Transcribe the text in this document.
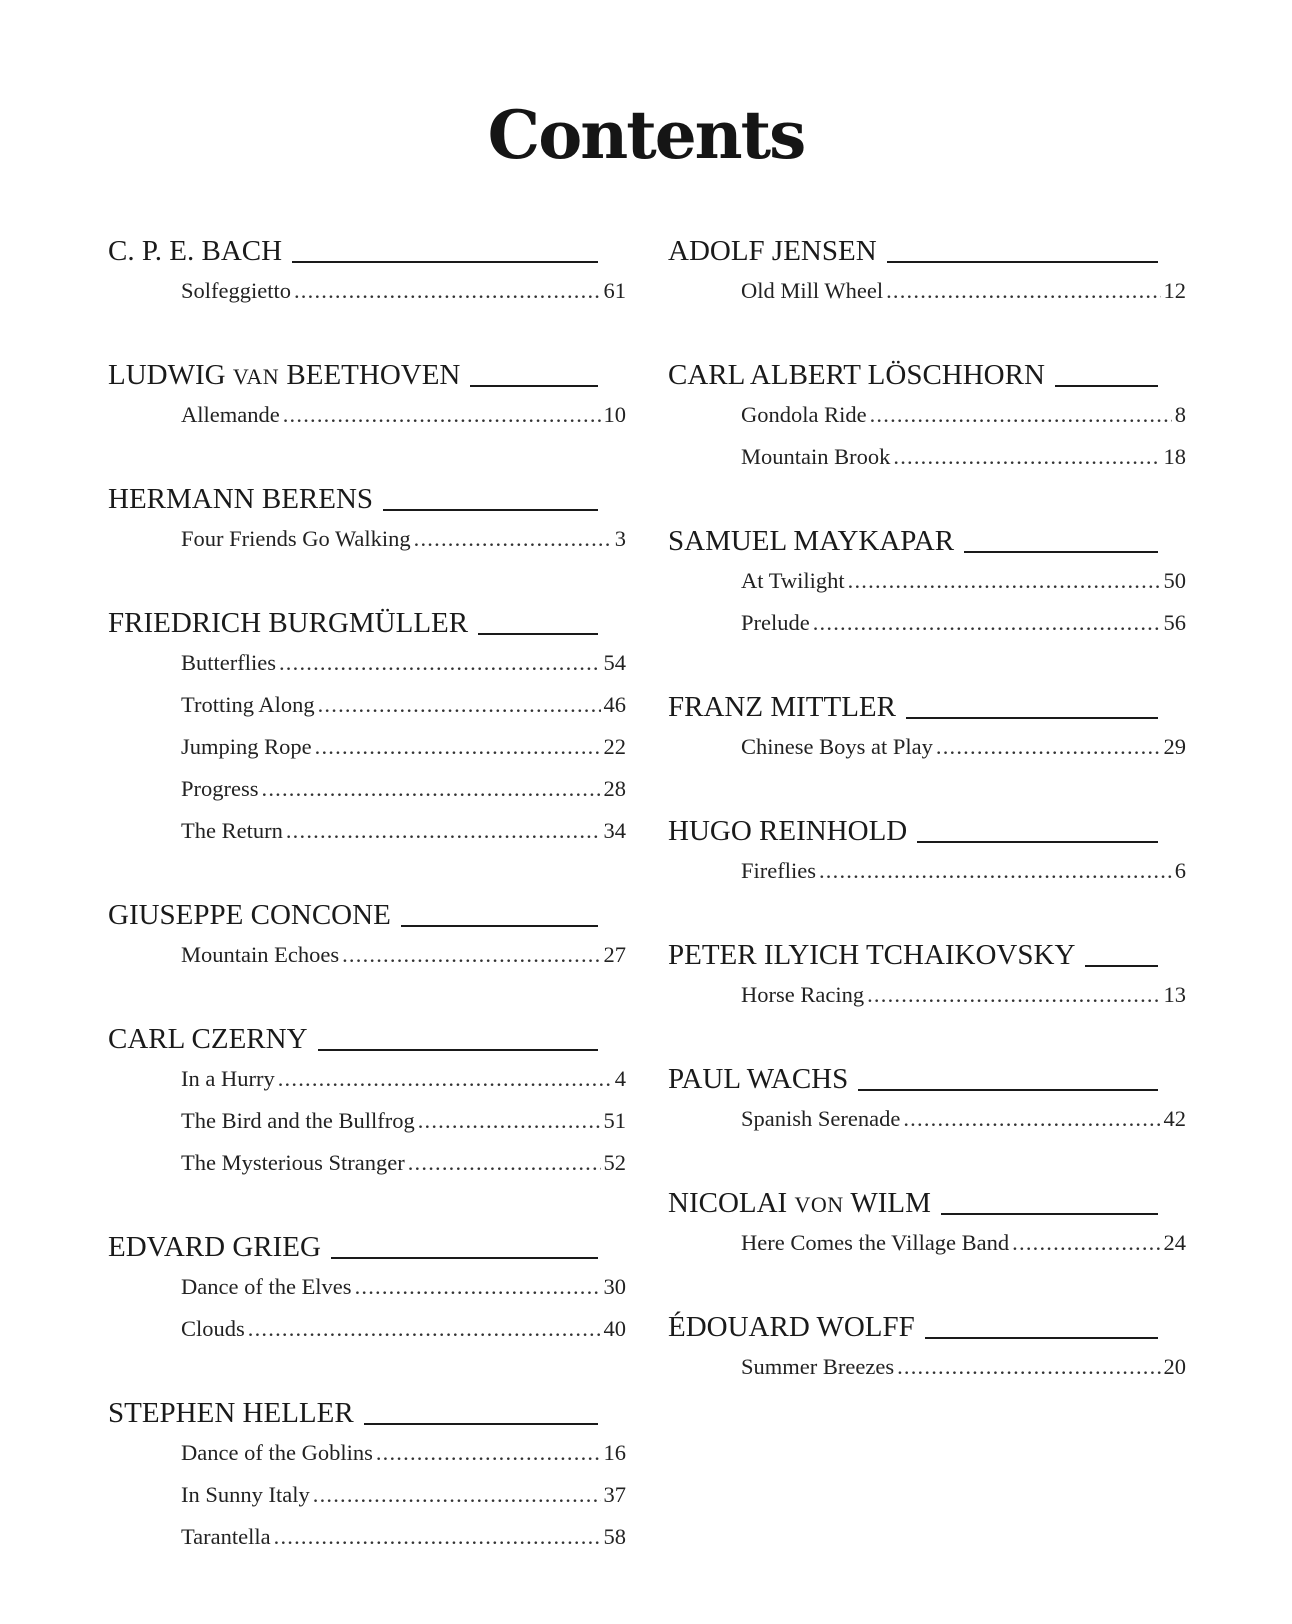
Contents
C. P. E. BACH
Solfeggietto .....	61
LUDWIG VAN BEETHOVEN
Allemande .....	10
HERMANN BERENS
Four Friends Go Walking .....	3
FRIEDRICH BURGMÜLLER
Butterflies .....	54
Trotting Along .....	46
Jumping Rope .....	22
Progress .....	28
The Return .....	34
GIUSEPPE CONCONE
Mountain Echoes .....	27
CARL CZERNY
In a Hurry .....	4
The Bird and the Bullfrog .....	51
The Mysterious Stranger .....	52
EDVARD GRIEG
Dance of the Elves .....	30
Clouds .....	40
STEPHEN HELLER
Dance of the Goblins .....	16
In Sunny Italy .....	37
Tarantella .....	58
ADOLF JENSEN
Old Mill Wheel .....	12
CARL ALBERT LÖSCHHORN
Gondola Ride .....	8
Mountain Brook .....	18
SAMUEL MAYKAPAR
At Twilight .....	50
Prelude .....	56
FRANZ MITTLER
Chinese Boys at Play .....	29
HUGO REINHOLD
Fireflies .....	6
PETER ILYICH TCHAIKOVSKY
Horse Racing .....	13
PAUL WACHS
Spanish Serenade .....	42
NICOLAI VON WILM
Here Comes the Village Band .....	24
ÉDOUARD WOLFF
Summer Breezes .....	20
